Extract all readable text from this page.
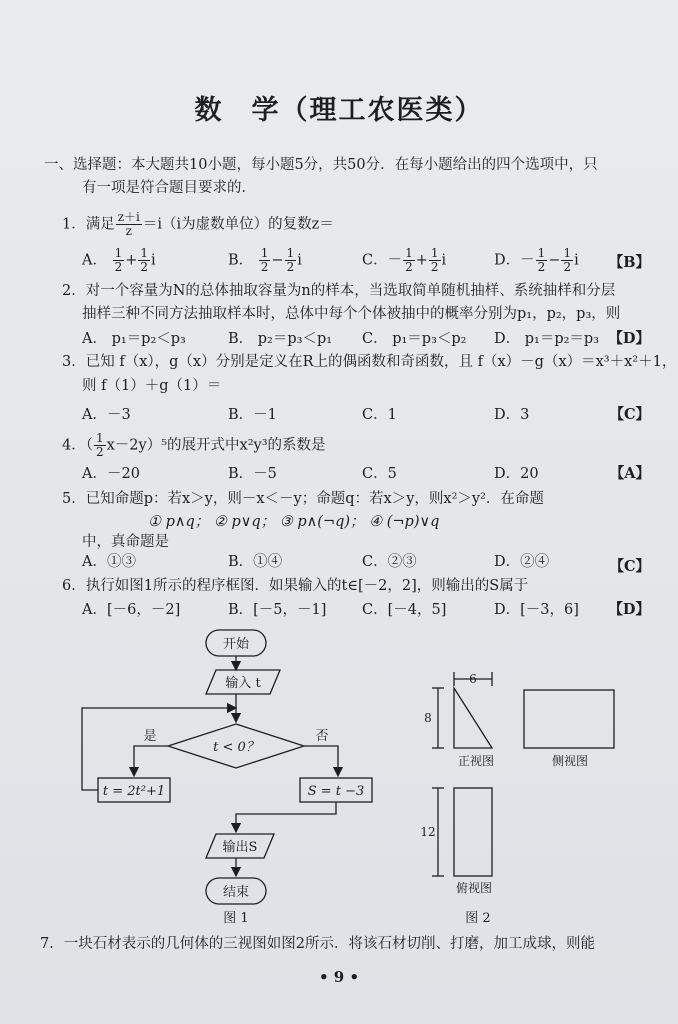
数 学（理工农医类）
一、选择题：本大题共10小题，每小题5分，共50分．在每小题给出的四个选项中，只
有一项是符合题目要求的．
1．满足 $\frac{z+i}{z} =i(i$为虚数单位）的复数z＝
A． $\frac{1}{2} + \frac{1}{2}$ i	B． $\frac{1}{2} - \frac{1}{2}$ i	C．－ $\frac{1}{2} + \frac{1}{2}$ i	D．－ $\frac{1}{2} - \frac{1}{2}$ i 【B】
2．对一个容量为N的总体抽取容量为n的样本，当选取简单随机抽样、系统抽样和分层
抽样三种不同方法抽取样本时，总体中每个个体被抽中的概率分别为p₁，p₂，p₃，则
A． p₁＝p₂＜p₃	B． p₂＝p₃＜p₁ C． p₁＝p₃＜p₂ D． p₁＝p₂＝p₃ 【D】
3．已知 f（x），g（x）分别是定义在R上的偶函数和奇函数，且 f（x）－g（x）＝x³＋x²＋1，
则 f（1）＋g（1）＝
A．－3	B．－1	C．1	D．3	【C】
4．（ $\frac{1}{2} x-2y)^5$的展开式中x²y³的系数是
A．－20	B．－5	C．5	D．20	【A】
5．已知命题p：若x＞y，则－x＜－y；命题q：若x＞y，则x²＞y²．在命题
① p∧q； ② p∨q； ③ p∧(¬q)； ④ (¬p)∨q
中，真命题是
A．①③	B．①④	C．②③	D．②④	【C】
6．执行如图1所示的程序框图．如果输入的t∈[－2，2]，则输出的S属于
A．[－6，－2]	B．[－5，－1] C．[－4，5]	D．[－3，6] 【D】
开始
输入 t
t < 0？
是	否
t = 2t²+1	S = t −3
输出S
结束
图 1
6
8
12
正视图	侧视图
俯视图
图 2
7．一块石材表示的几何体的三视图如图2所示．将该石材切削、打磨，加工成球，则能
• 9 •
